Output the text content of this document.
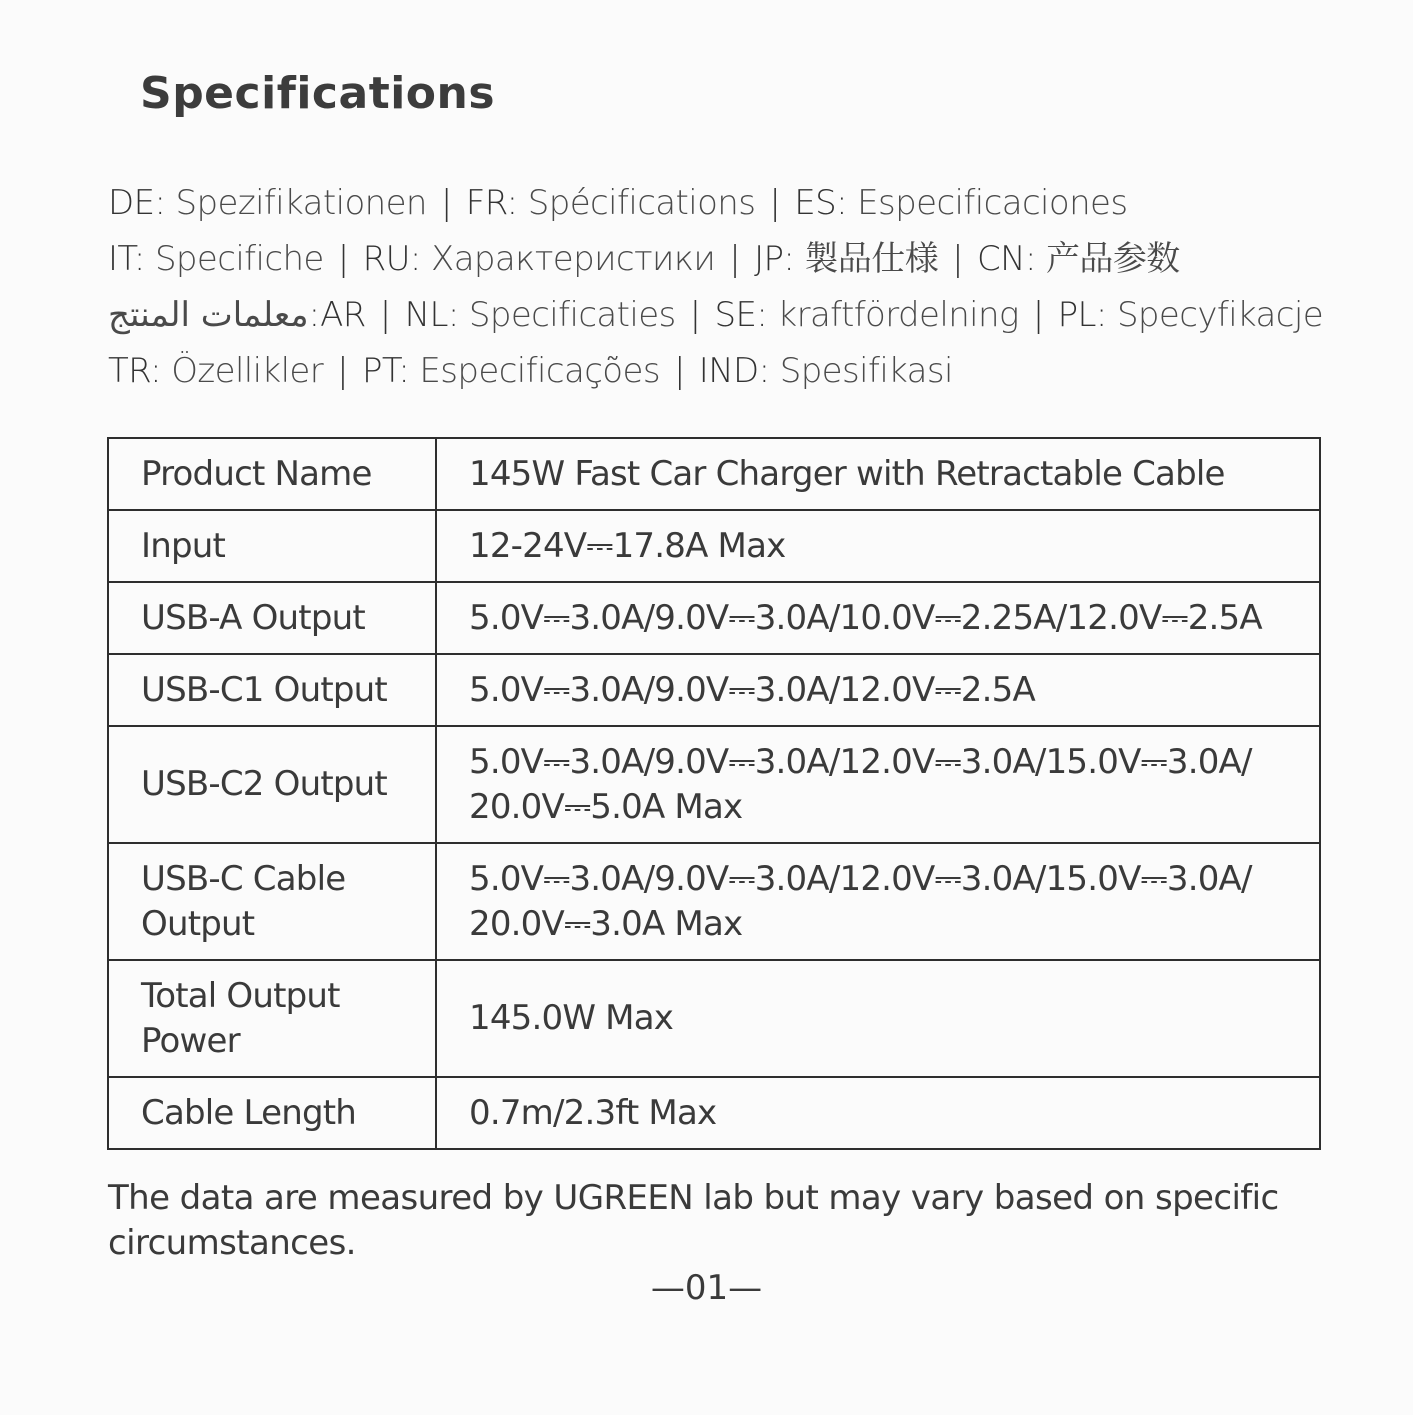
Specifications
DE: Spezifikationen | FR: Spécifications | ES: Especificaciones
IT: Specifiche | RU: Характеристики | JP: 製品仕様 | CN: 产品参数
معلمات المنتج:AR | NL: Specificaties | SE: kraftfördelning | PL: Specyfikacje
TR: Özellikler | PT: Especificações | IND: Spesifikasi
Product Name	145W Fast Car Charger with Retractable Cable
Input	12-24V⎓17.8A Max
USB-A Output	5.0V⎓3.0A/9.0V⎓3.0A/10.0V⎓2.25A/12.0V⎓2.5A
USB-C1 Output	5.0V⎓3.0A/9.0V⎓3.0A/12.0V⎓2.5A
USB-C2 Output	5.0V⎓3.0A/9.0V⎓3.0A/12.0V⎓3.0A/15.0V⎓3.0A/ 20.0V⎓5.0A Max
USB-C Cable Output	5.0V⎓3.0A/9.0V⎓3.0A/12.0V⎓3.0A/15.0V⎓3.0A/ 20.0V⎓3.0A Max
Total Output Power	145.0W Max
Cable Length	0.7m/2.3ft Max

The data are measured by UGREEN lab but may vary based on specific circumstances.

—01—
